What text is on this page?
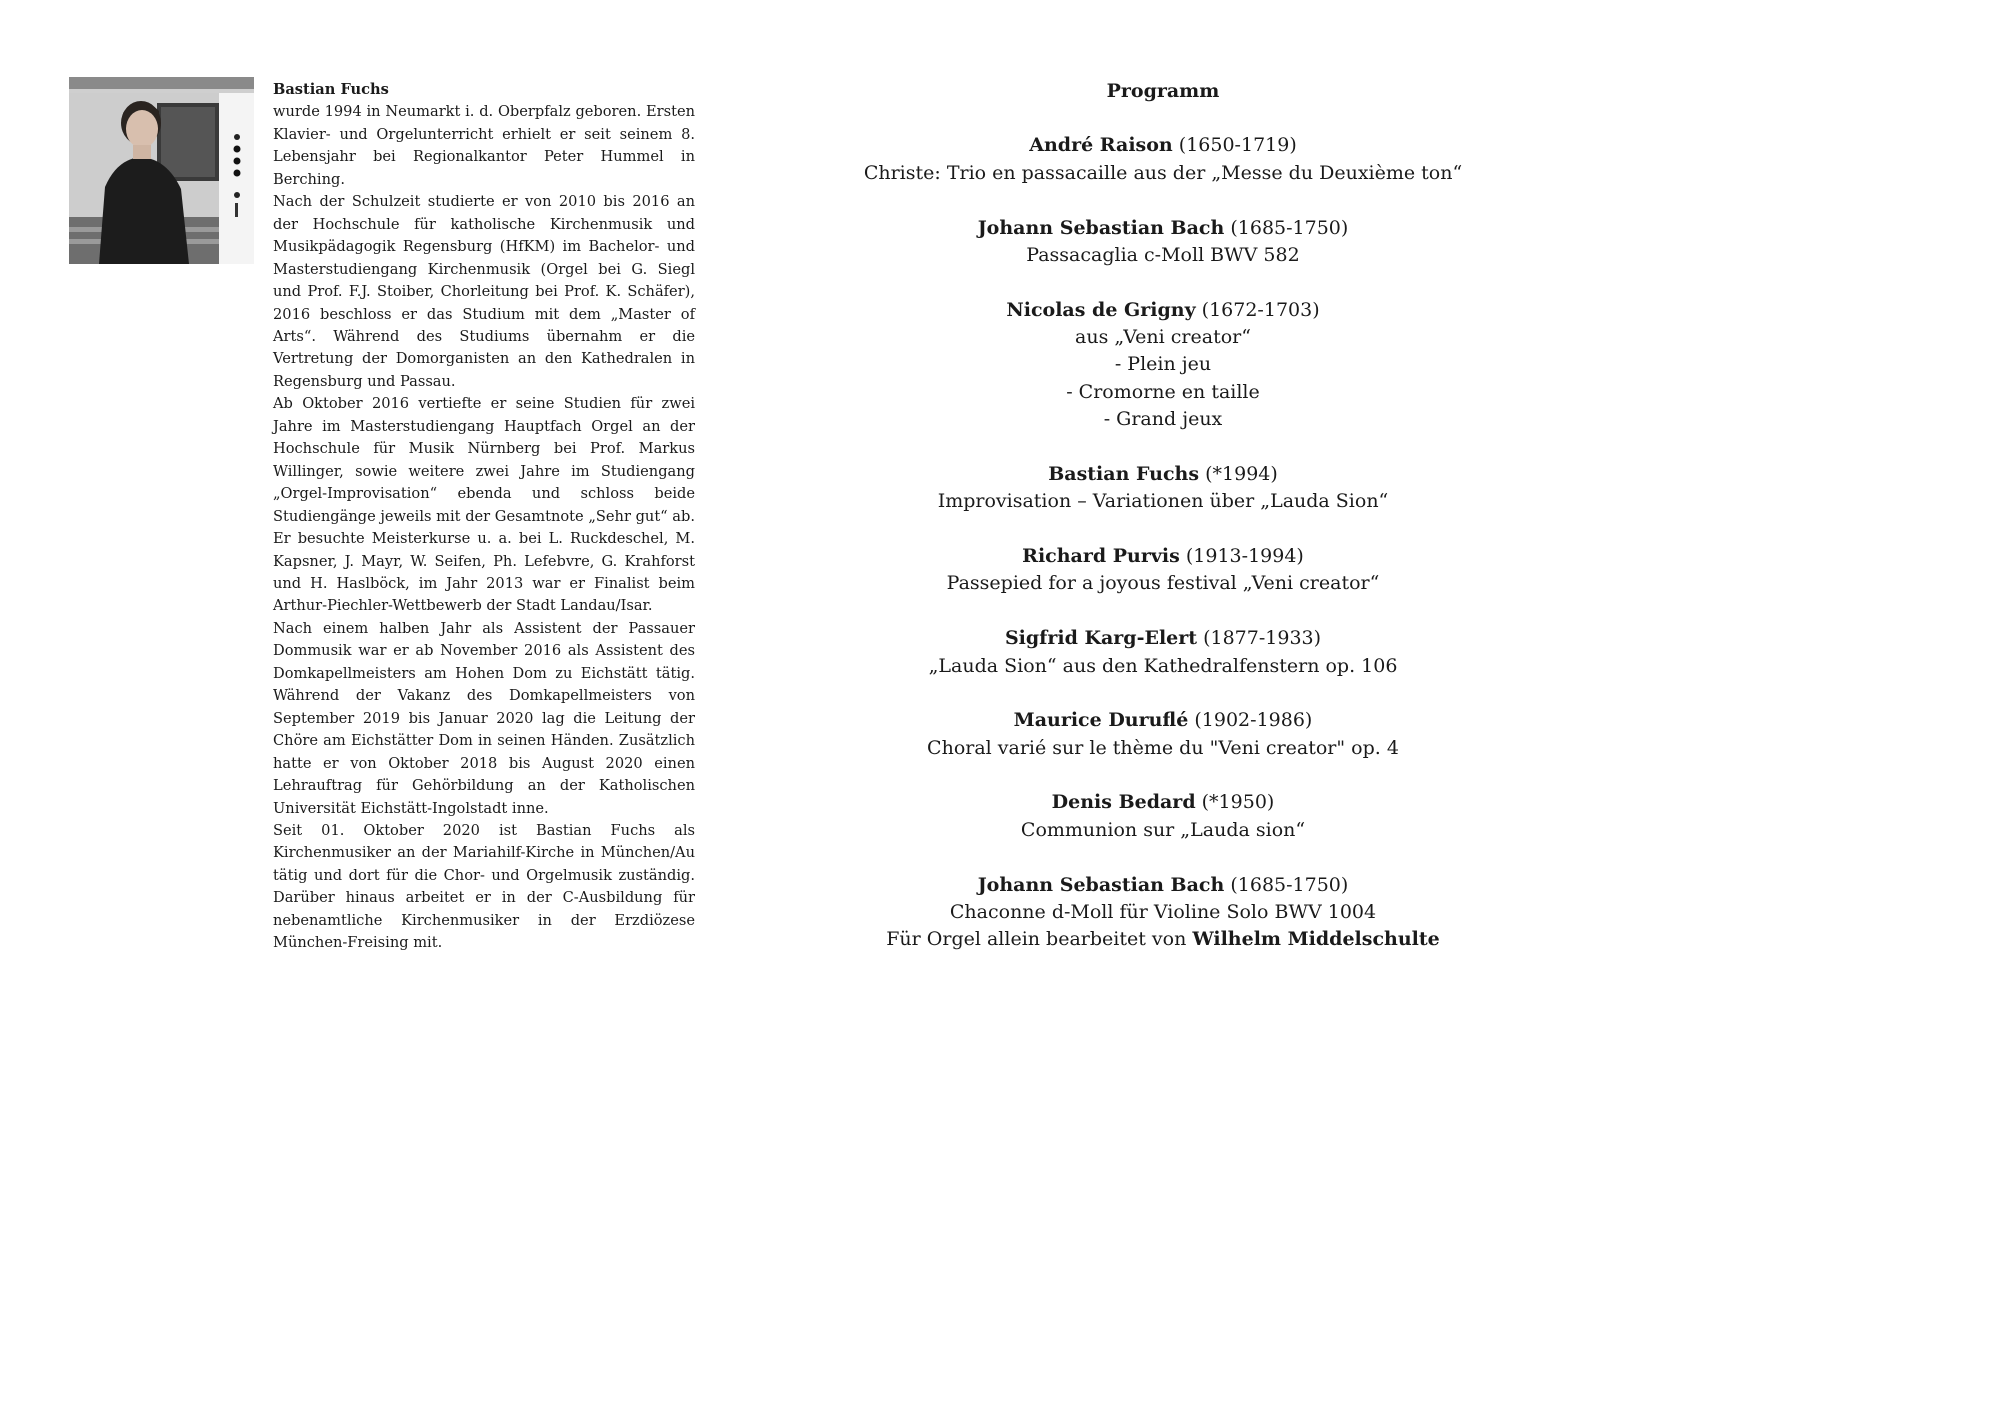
Bastian Fuchs

wurde 1994 in Neumarkt i. d. Oberpfalz geboren. Ersten Klavier- und Orgelunterricht erhielt er seit seinem 8. Lebensjahr bei Regionalkantor Peter Hummel in Berching.

Nach der Schulzeit studierte er von 2010 bis 2016 an der Hochschule für katholische Kirchenmusik und Musikpädagogik Regensburg (HfKM) im Bachelor- und Masterstudiengang Kirchenmusik (Orgel bei G. Siegl und Prof. F.J. Stoiber, Chorleitung bei Prof. K. Schäfer), 2016 beschloss er das Studium mit dem „Master of Arts“. Während des Studiums übernahm er die Vertretung der Domorganisten an den Kathedralen in Regensburg und Passau.

Ab Oktober 2016 vertiefte er seine Studien für zwei Jahre im Masterstudiengang Hauptfach Orgel an der Hochschule für Musik Nürnberg bei Prof. Markus Willinger, sowie weitere zwei Jahre im Studiengang „Orgel-Improvisation“ ebenda und schloss beide Studiengänge jeweils mit der Gesamtnote „Sehr gut“ ab. Er besuchte Meisterkurse u. a. bei L. Ruckdeschel, M. Kapsner, J. Mayr, W. Seifen, Ph. Lefebvre, G. Krahforst und H. Haslböck, im Jahr 2013 war er Finalist beim Arthur-Piechler-Wettbewerb der Stadt Landau/Isar.

Nach einem halben Jahr als Assistent der Passauer Dommusik war er ab November 2016 als Assistent des Domkapellmeisters am Hohen Dom zu Eichstätt tätig. Während der Vakanz des Domkapellmeisters von September 2019 bis Januar 2020 lag die Leitung der Chöre am Eichstätter Dom in seinen Händen. Zusätzlich hatte er von Oktober 2018 bis August 2020 einen Lehrauftrag für Gehörbildung an der Katholischen Universität Eichstätt-Ingolstadt inne.

Seit 01. Oktober 2020 ist Bastian Fuchs als Kirchenmusiker an der Mariahilf-Kirche in München/Au tätig und dort für die Chor- und Orgelmusik zuständig. Darüber hinaus arbeitet er in der C-Ausbildung für nebenamtliche Kirchenmusiker in der Erzdiözese München-Freising mit.

Programm
André Raison (1650-1719)
Christe: Trio en passacaille aus der „Messe du Deuxième ton“
Johann Sebastian Bach (1685-1750)
Passacaglia c-Moll BWV 582
Nicolas de Grigny (1672-1703)
aus „Veni creator“
- Plein jeu
- Cromorne en taille
- Grand jeux
Bastian Fuchs (*1994)
Improvisation – Variationen über „Lauda Sion“
Richard Purvis (1913-1994)
Passepied for a joyous festival „Veni creator“
Sigfrid Karg-Elert (1877-1933)
„Lauda Sion“ aus den Kathedralfenstern op. 106
Maurice Duruflé (1902-1986)
Choral varié sur le thème du "Veni creator" op. 4
Denis Bedard (*1950)
Communion sur „Lauda sion“
Johann Sebastian Bach (1685-1750)
Chaconne d-Moll für Violine Solo BWV 1004
Für Orgel allein bearbeitet von Wilhelm Middelschulte
